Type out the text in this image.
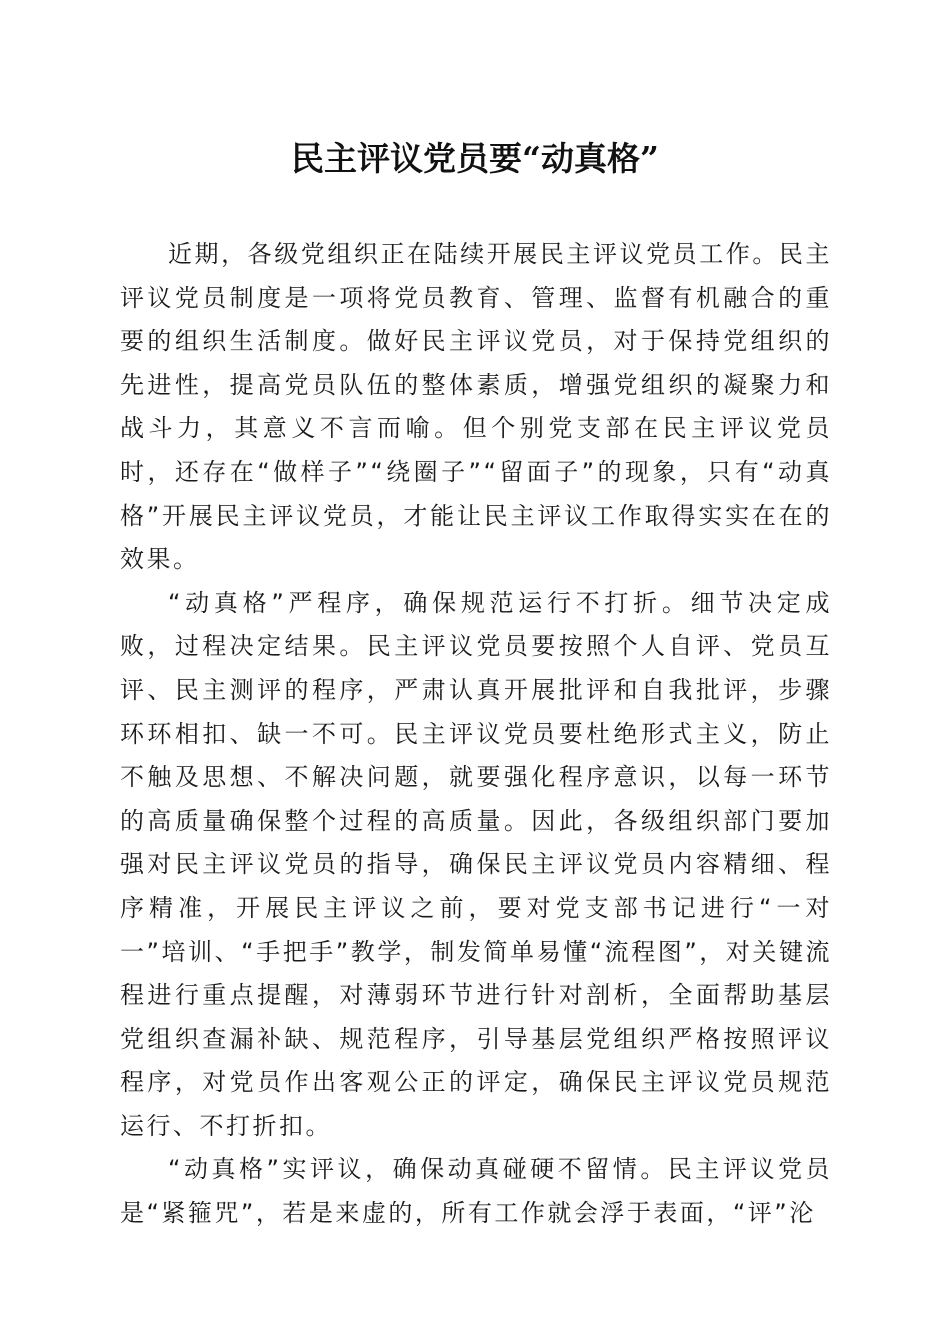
民主评议党员要“动真格”

近期，各级党组织正在陆续开展民主评议党员工作。民主评议党员制度是一项将党员教育、管理、监督有机融合的重要的组织生活制度。做好民主评议党员，对于保持党组织的先进性，提高党员队伍的整体素质，增强党组织的凝聚力和战斗力，其意义不言而喻。但个别党支部在民主评议党员时，还存在“做样子”“绕圈子”“留面子”的现象，只有“动真格”开展民主评议党员，才能让民主评议工作取得实实在在的效果。

“动真格”严程序，确保规范运行不打折。细节决定成败，过程决定结果。民主评议党员要按照个人自评、党员互评、民主测评的程序，严肃认真开展批评和自我批评，步骤环环相扣、缺一不可。民主评议党员要杜绝形式主义，防止不触及思想、不解决问题，就要强化程序意识，以每一环节的高质量确保整个过程的高质量。因此，各级组织部门要加强对民主评议党员的指导，确保民主评议党员内容精细、程序精准，开展民主评议之前，要对党支部书记进行“一对一”培训、“手把手”教学，制发简单易懂“流程图”，对关键流程进行重点提醒，对薄弱环节进行针对剖析，全面帮助基层党组织查漏补缺、规范程序，引导基层党组织严格按照评议程序，对党员作出客观公正的评定，确保民主评议党员规范运行、不打折扣。

“动真格”实评议，确保动真碰硬不留情。民主评议党员是“紧箍咒”，若是来虚的，所有工作就会浮于表面，“评”沦
